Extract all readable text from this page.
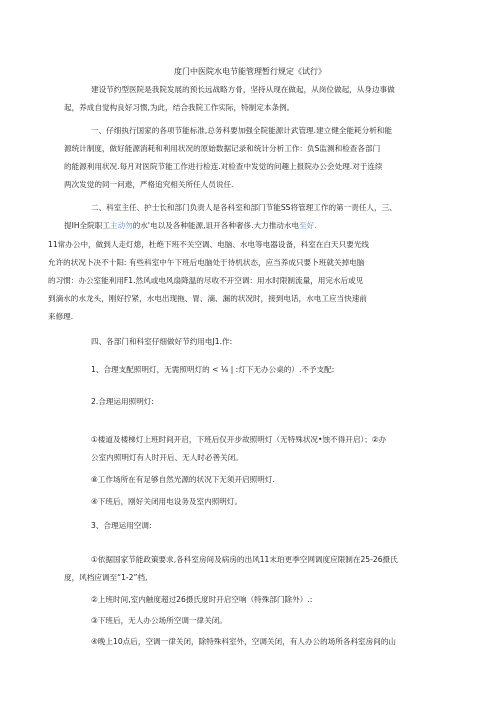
度门中医院水电节能管理暂行规定《试行》
建设节约型医院是我院发展的预长远战略方骨，坚持从现在做起，从岗位做起，从身边事做
起，养成自觉构良好习惯,为此，结合我院工作实际，特制定本条例。
一、仔细执行国家的各项节能标准,总务科要加强全院能源计武管理.建立健全能耗分析和能
源统计制度，做好能源消耗和利用状况的原始数据记录和统计分析工作：负S监测和检查各部门
的能源利用状况.每月对医院节能工作进行检连.对检查中发觉的问趣上报院办公会处理.对于连续
两次发觉的同一问遨，严格追究相关所任人员说任.
二、科室主任、护士长和部门负责人是各科室和部门节能SS将管理工作的第一责任人，三、
提IH全院职工主动勿的水'电以及各种能源,诅开各种奢侈.大力推动水电至好.
11常办公中，做到人走灯熄，杜绝下班不关空调、电脑、水电等电器设备，科室在白天只要光线
允许的状况卜决不十阳: 有些科室中午下班后电脑处于待机状态，应当养成只要卜班就关掉电脑
的习惯：办公室能利用F1.然风或电风扇降温的尽收不开空调：用水时限制流量，用完水后或见
到滴水的水龙头，刚好拧紧，水电出现拖、胃、滴、漏的状况时，接到电话，水电工应当快速前
来修理.
四、各部门和科室仔细做好节约用电J1.作:
1、合理支配照明灯，无需照明灯的 < ⅛ | :灯下无办公桌的）.不予支配:
2.合理运用照明灯:
①楼道及楼梯灯上班时间开启，下班后仅开步故照明灯（无特殊状况•蚀不得开启）；②办
公室内照明灯有人时开后、无人时必善关闭。
⑧工作场所在有足够自然光源的状况下无须开启照明灯.
④下班后，刚好关闭用电设务及室内照明灯。
3、合理运用空调:
①依据国家节能政策要求,各科室房间及病房的出风11末珀更季空网调度应限制在25-26摄氏
度，风档应调至“1-2”档,
②上班时间,室内触度超过26摄氏度时开启空响（特殊部门除外）.:
③下班后，无人办公场所空调一律关闭。
④晚上10点后，空调一律关闭，除特殊科室外，空调关闭，有人办公的场所各科室房间的山
